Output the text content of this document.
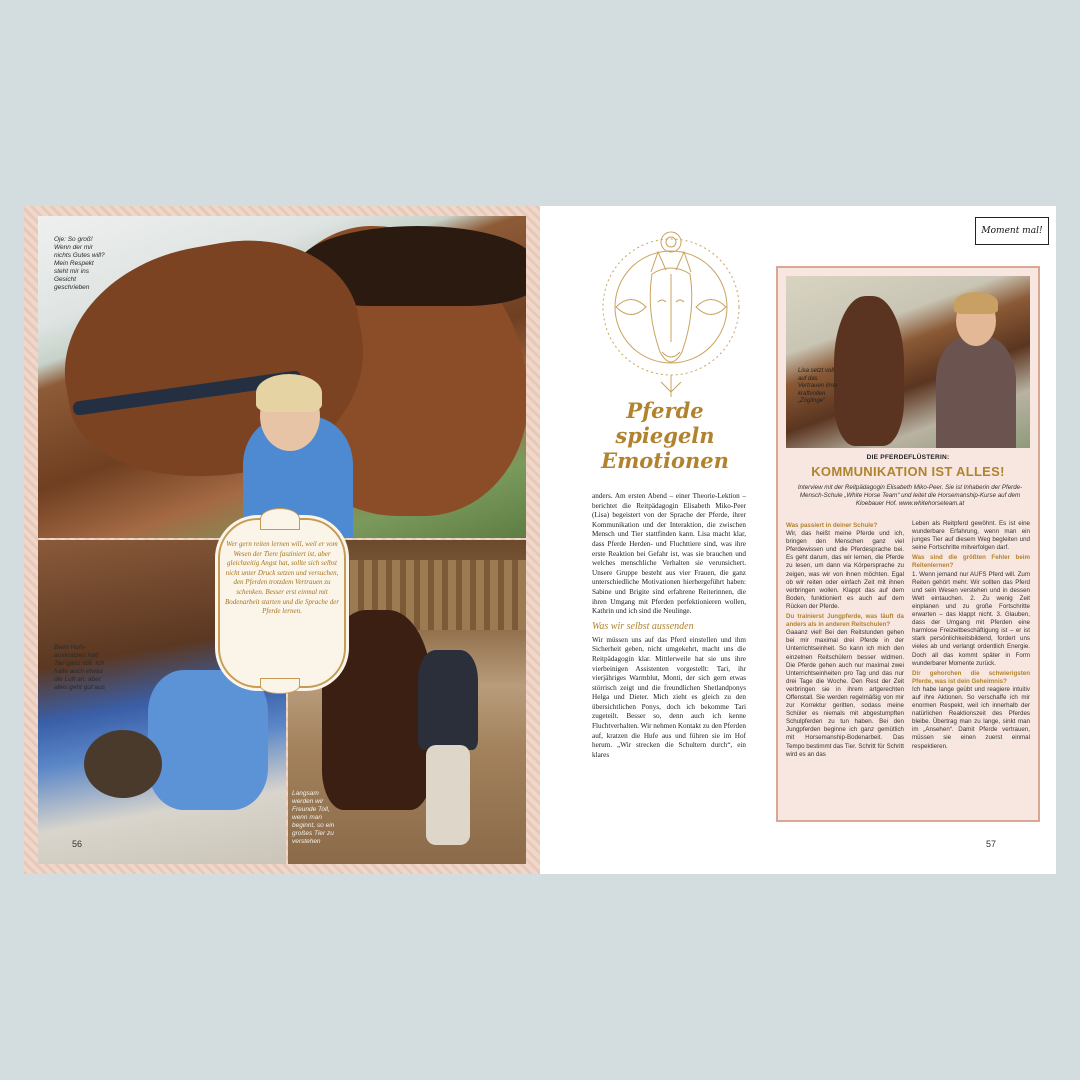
Oje: So groß! Wenn der mir nichts Gutes will? Mein Respekt steht mir ins Gesicht geschrieben
Beim Hufe-auskratzen hält Tari ganz still. Ich halte auch etwas die Luft an, aber alles geht gut aus
Langsam werden wir Freunde Toll, wenn man beginnt, so ein großes Tier zu verstehen
Wer gern reiten lernen will, weil er vom Wesen der Tiere fasziniert ist, aber gleichzeitig Angst hat, sollte sich selbst nicht unter Druck setzen und versuchen, den Pferden trotzdem Vertrauen zu schenken. Besser erst einmal mit Bodenarbeit starten und die Sprache der Pferde lernen.
56
Moment mal!
Pferde
spiegeln
Emotionen

anders. Am ersten Abend – einer Theorie-Lektion – berichtet die Reitpädagogin Elisabeth Miko-Peer (Lisa) begeistert von der Sprache der Pferde, ihrer Kommunikation und der Interaktion, die zwischen Mensch und Tier stattfinden kann. Lisa macht klar, dass Pferde Herden- und Fluchttiere sind, was ihre erste Reaktion bei Gefahr ist, was sie brauchen und welches menschliche Verhalten sie verunsichert. Unsere Gruppe besteht aus vier Frauen, die ganz unterschiedliche Motivationen hierhergeführt haben: Sabine und Brigite sind erfahrene Reiterinnen, die ihren Umgang mit Pferden perfektionieren wollen, Kathrin und ich sind die Neulinge.

Was wir selbst aussenden

Wir müssen uns auf das Pferd einstellen und ihm Sicherheit geben, nicht umgekehrt, macht uns die Reitpädagogin klar. Mittlerweile hat sie uns ihre vierbeinigen Assistenten vorgestellt: Tari, ihr vierjähriges Warmblut, Monti, der sich gern etwas störrisch zeigt und die freundlichen Shetlandponys Helga und Dieter. Mich zieht es gleich zu den übersichtlichen Ponys, doch ich bekomme Tari zugeteilt. Besser so, denn auch ich kenne Fluchtverhalten. Wir nehmen Kontakt zu den Pferden auf, kratzen die Hufe aus und führen sie im Hof herum. „Wir strecken die Schultern durch“, ein klares

Lisa setzt voll auf das Vertrauen ihrer kraftvollen „Zöglinge“
DIE PFERDEFLÜSTERIN:
KOMMUNIKATION IST ALLES!
Interview mit der Reitpädagogin Elisabeth Miko-Peer. Sie ist Inhaberin der Pferde-Mensch-Schule „White Horse Team“ und leitet die Horsemanship-Kurse auf dem Kloebauer Hof. www.whitehorseteam.at
Was passiert in deiner Schule?
Wir, das heißt meine Pferde und ich, bringen den Menschen ganz viel Pferdewissen und die Pferdesprache bei. Es geht darum, das wir lernen, die Pferde zu lesen, um dann via Körpersprache zu zeigen, was wir von ihnen möchten. Egal ob wir reiten oder einfach Zeit mit ihnen verbringen wollen. Klappt das auf dem Boden, funktioniert es auch auf dem Rücken der Pferde.
Du trainierst Jungpferde, was läuft da anders als in anderen Reitschulen?
Gaaanz viel! Bei den Reitstunden gehen bei mir maximal drei Pferde in der Unterrichtseinheit. So kann ich mich den einzelnen Reitschülern besser widmen. Die Pferde gehen auch nur maximal zwei Unterrichtseinheiten pro Tag und das nur drei Tage die Woche. Den Rest der Zeit verbringen sie in ihrem artgerechten Offenstall. Sie werden regelmäßig von mir zur Korrektur geritten, sodass meine Schüler es niemals mit abgestumpften Schulpferden zu tun haben. Bei den Jungpferden beginne ich ganz gemütlich mit Horsemanship-Bodenarbeit. Das Tempo bestimmt das Tier. Schritt für Schritt wird es an das
Leben als Reitpferd gewöhnt. Es ist eine wunderbare Erfahrung, wenn man ein junges Tier auf diesem Weg begleiten und seine Fortschritte mitverfolgen darf.
Was sind die größten Fehler beim Reitenlernen?
1. Wenn jemand nur AUFS Pferd will. Zum Reiten gehört mehr. Wir sollten das Pferd und sein Wesen verstehen und in dessen Welt eintauchen. 2. Zu wenig Zeit einplanen und zu große Fortschritte erwarten – das klappt nicht. 3. Glauben, dass der Umgang mit Pferden eine harmlose Freizeitbeschäftigung ist – er ist stark persönlichkeitsbildend, fordert uns vieles ab und verlangt ordentlich Energie. Doch all das kommt später in Form wunderbarer Momente zurück.
Dir gehorchen die schwierigsten Pferde, was ist dein Geheimnis?
Ich habe lange geübt und reagiere intuitiv auf ihre Aktionen. So verschaffe ich mir enormen Respekt, weil ich innerhalb der natürlichen Reaktionszeit des Pferdes bleibe. Übertrag man zu lange, sinkt man im „Ansehen“. Damit Pferde vertrauen, müssen sie einen zuerst einmal respektieren.
57
